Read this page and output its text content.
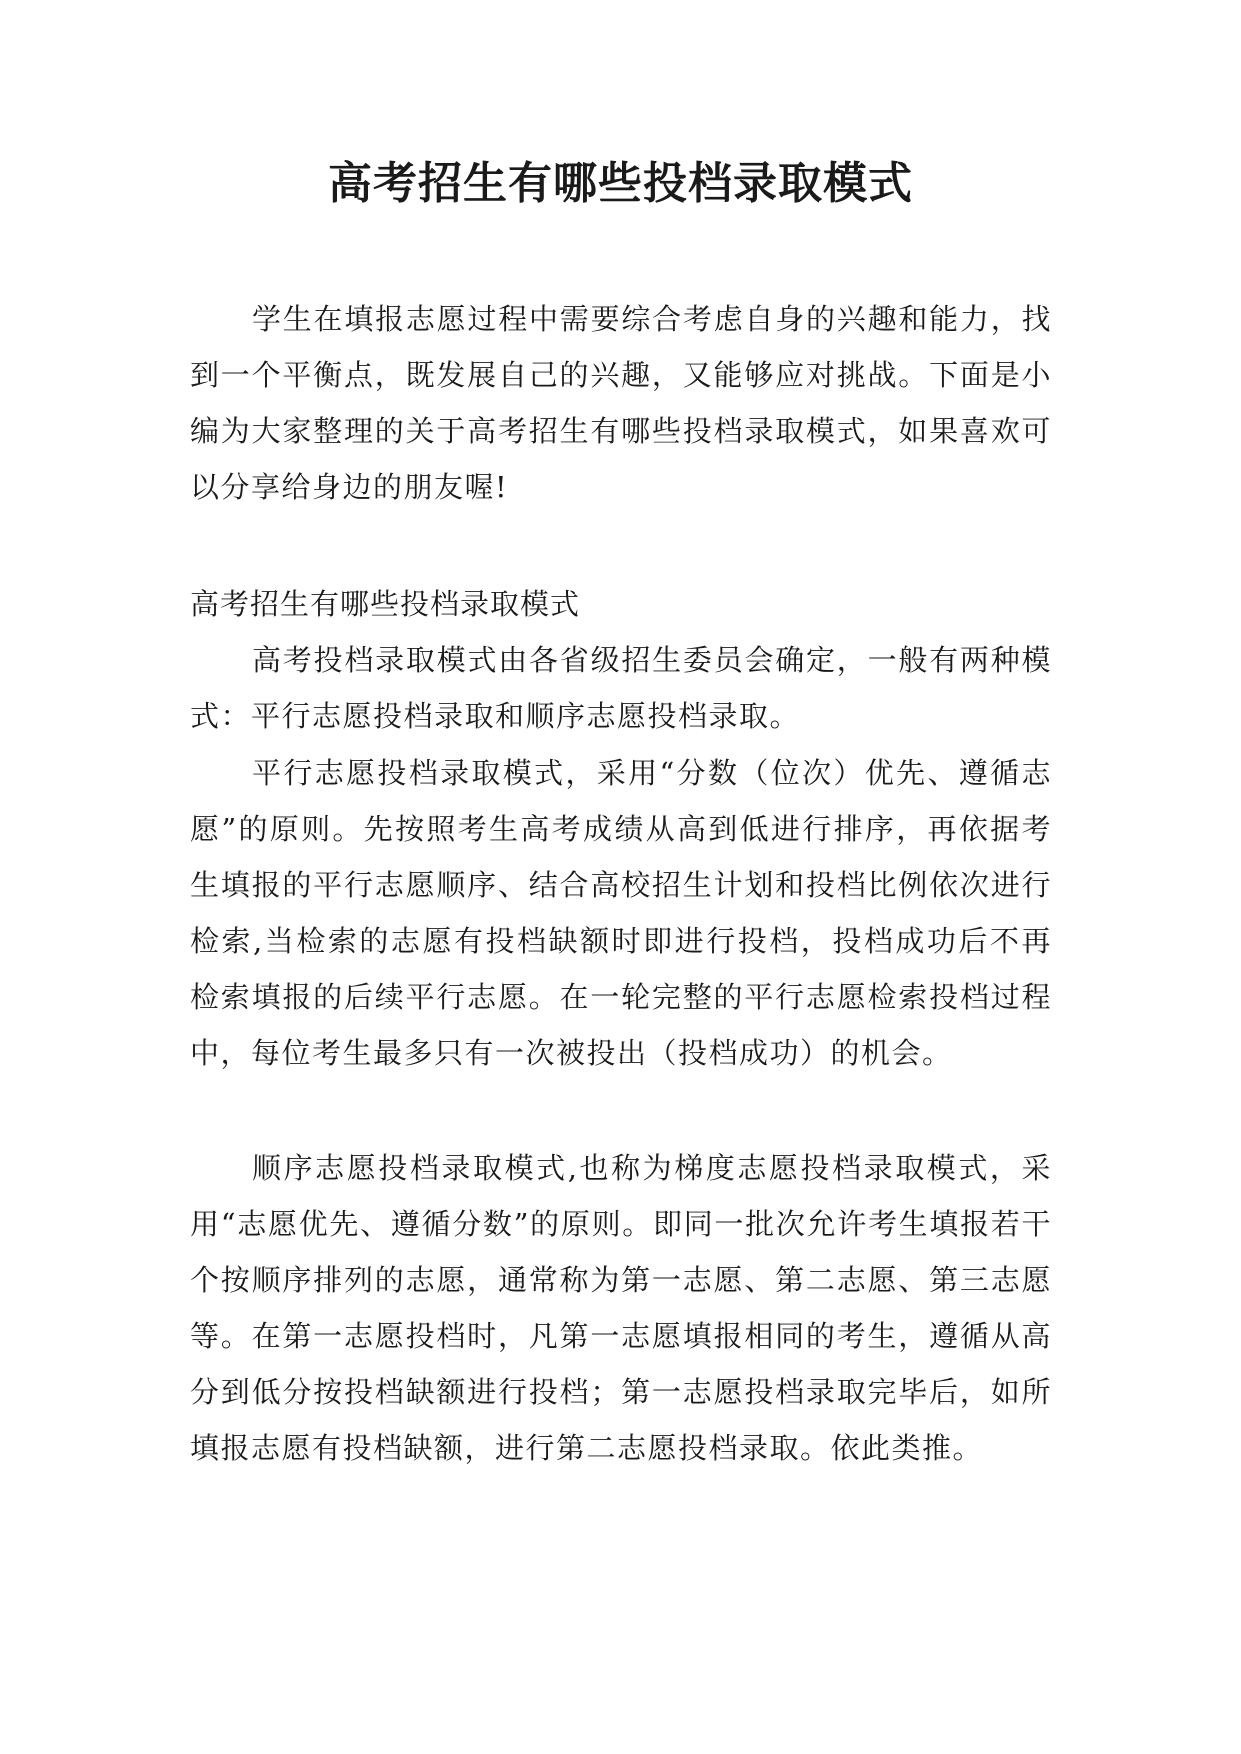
高考招生有哪些投档录取模式

学生在填报志愿过程中需要综合考虑自身的兴趣和能力，找到一个平衡点，既发展自己的兴趣，又能够应对挑战。下面是小编为大家整理的关于高考招生有哪些投档录取模式，如果喜欢可以分享给身边的朋友喔!

高考招生有哪些投档录取模式

高考投档录取模式由各省级招生委员会确定，一般有两种模式：平行志愿投档录取和顺序志愿投档录取。

平行志愿投档录取模式，采用“分数（位次）优先、遵循志愿”的原则。先按照考生高考成绩从高到低进行排序，再依据考生填报的平行志愿顺序、结合高校招生计划和投档比例依次进行检索,当检索的志愿有投档缺额时即进行投档，投档成功后不再检索填报的后续平行志愿。在一轮完整的平行志愿检索投档过程中，每位考生最多只有一次被投出（投档成功）的机会。

顺序志愿投档录取模式,也称为梯度志愿投档录取模式，采用“志愿优先、遵循分数”的原则。即同一批次允许考生填报若干个按顺序排列的志愿，通常称为第一志愿、第二志愿、第三志愿等。在第一志愿投档时，凡第一志愿填报相同的考生，遵循从高分到低分按投档缺额进行投档；第一志愿投档录取完毕后，如所填报志愿有投档缺额，进行第二志愿投档录取。依此类推。
